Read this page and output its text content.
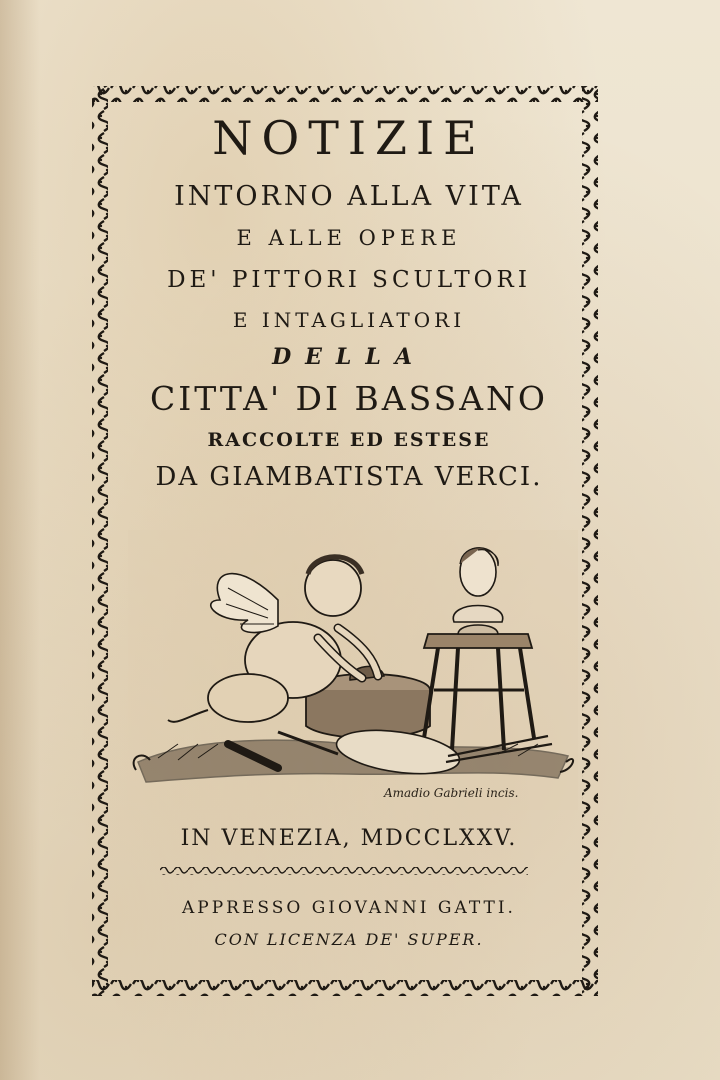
NOTIZIE
INTORNO ALLA VITA
E ALLE OPERE
DE' PITTORI SCULTORI
E INTAGLIATORI
DELLA
CITTA' DI BASSANO
RACCOLTE ED ESTESE
DA GIAMBATISTA VERCI.
Amadio Gabrieli incis.
IN VENEZIA, MDCCLXXV.
APPRESSO GIOVANNI GATTI.
CON LICENZA DE' SUPER.
